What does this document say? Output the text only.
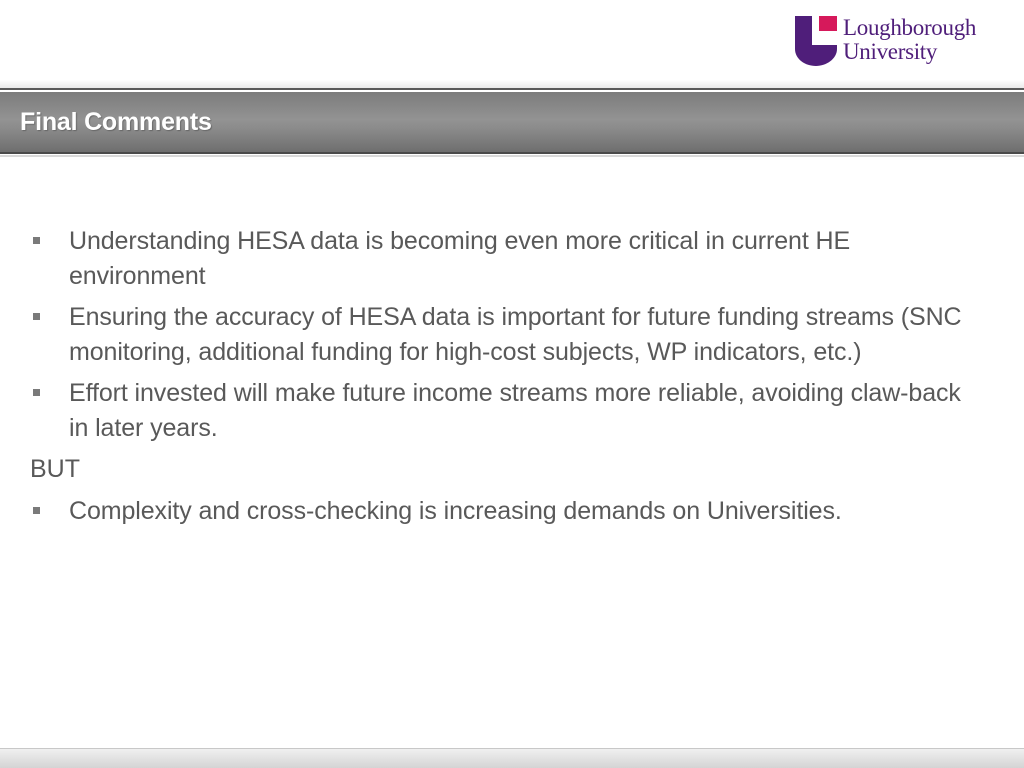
Loughborough
University
Final Comments
Understanding HESA data is becoming even more critical in current HE environment
Ensuring the accuracy of HESA data is important for future funding streams (SNC monitoring, additional funding for high-cost subjects, WP indicators, etc.)
Effort invested will make future income streams more reliable, avoiding claw-back in later years.
BUT
Complexity and cross-checking is increasing demands on Universities.
